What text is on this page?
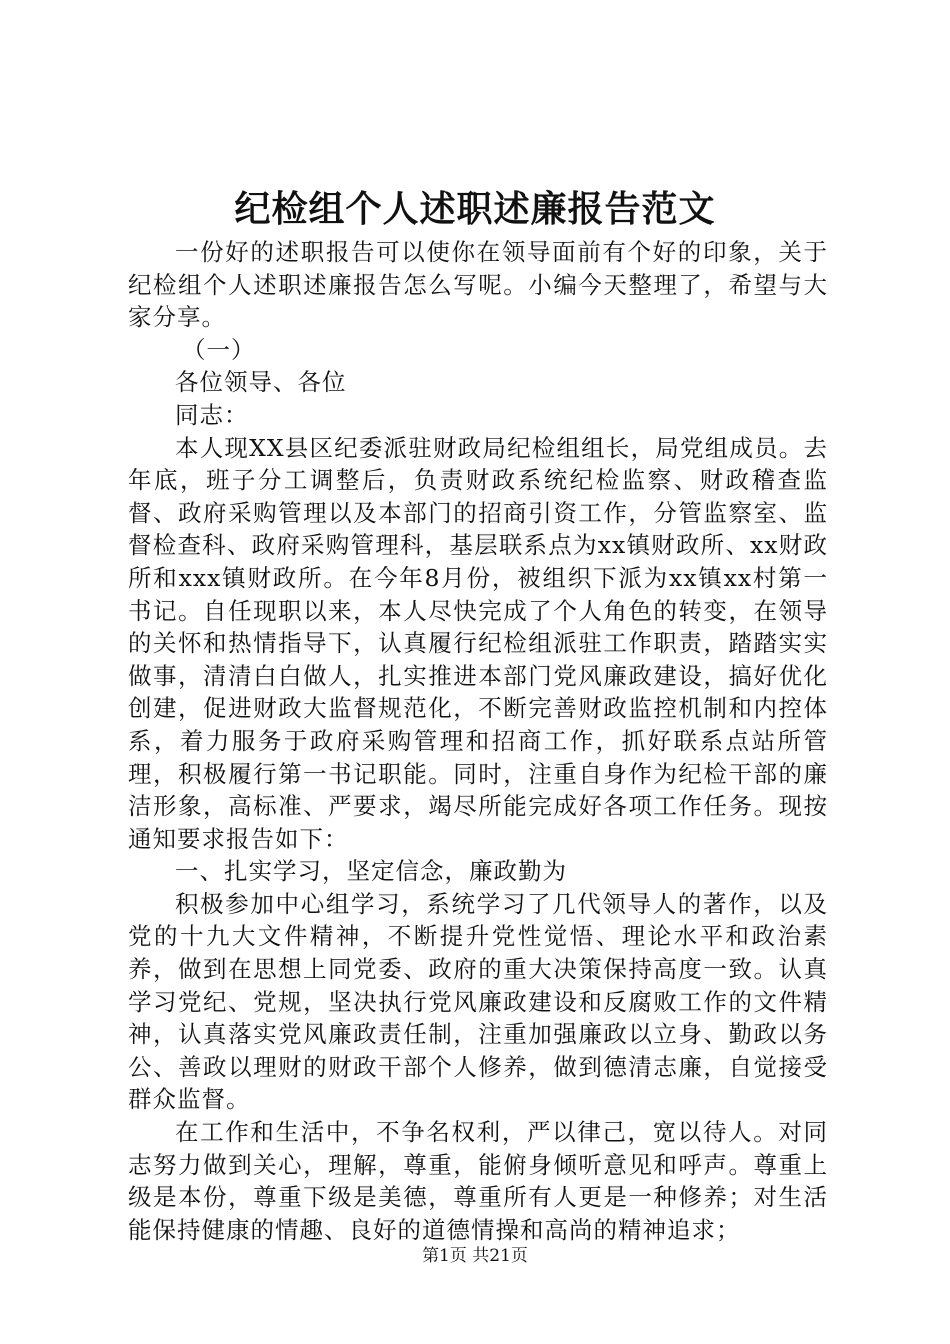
纪检组个人述职述廉报告范文

一份好的述职报告可以使你在领导面前有个好的印象，关于纪检组个人述职述廉报告怎么写呢。小编今天整理了，希望与大家分享。

（一）

各位领导、各位

同志：

本人现XX县区纪委派驻财政局纪检组组长，局党组成员。去年底，班子分工调整后，负责财政系统纪检监察、财政稽查监督、政府采购管理以及本部门的招商引资工作，分管监察室、监督检查科、政府采购管理科，基层联系点为xx镇财政所、xx财政所和xxx镇财政所。在今年8月份，被组织下派为xx镇xx村第一书记。自任现职以来，本人尽快完成了个人角色的转变，在领导的关怀和热情指导下，认真履行纪检组派驻工作职责，踏踏实实做事，清清白白做人，扎实推进本部门党风廉政建设，搞好优化创建，促进财政大监督规范化，不断完善财政监控机制和内控体系，着力服务于政府采购管理和招商工作，抓好联系点站所管理，积极履行第一书记职能。同时，注重自身作为纪检干部的廉洁形象，高标准、严要求，竭尽所能完成好各项工作任务。现按通知要求报告如下：

一、扎实学习，坚定信念，廉政勤为

积极参加中心组学习，系统学习了几代领导人的著作，以及党的十九大文件精神，不断提升党性觉悟、理论水平和政治素养，做到在思想上同党委、政府的重大决策保持高度一致。认真学习党纪、党规，坚决执行党风廉政建设和反腐败工作的文件精神，认真落实党风廉政责任制，注重加强廉政以立身、勤政以务公、善政以理财的财政干部个人修养，做到德清志廉，自觉接受群众监督。

在工作和生活中，不争名权利，严以律己，宽以待人。对同志努力做到关心，理解，尊重，能俯身倾听意见和呼声。尊重上级是本份，尊重下级是美德，尊重所有人更是一种修养；对生活能保持健康的情趣、良好的道德情操和高尚的精神追求；

第1页 共21页
